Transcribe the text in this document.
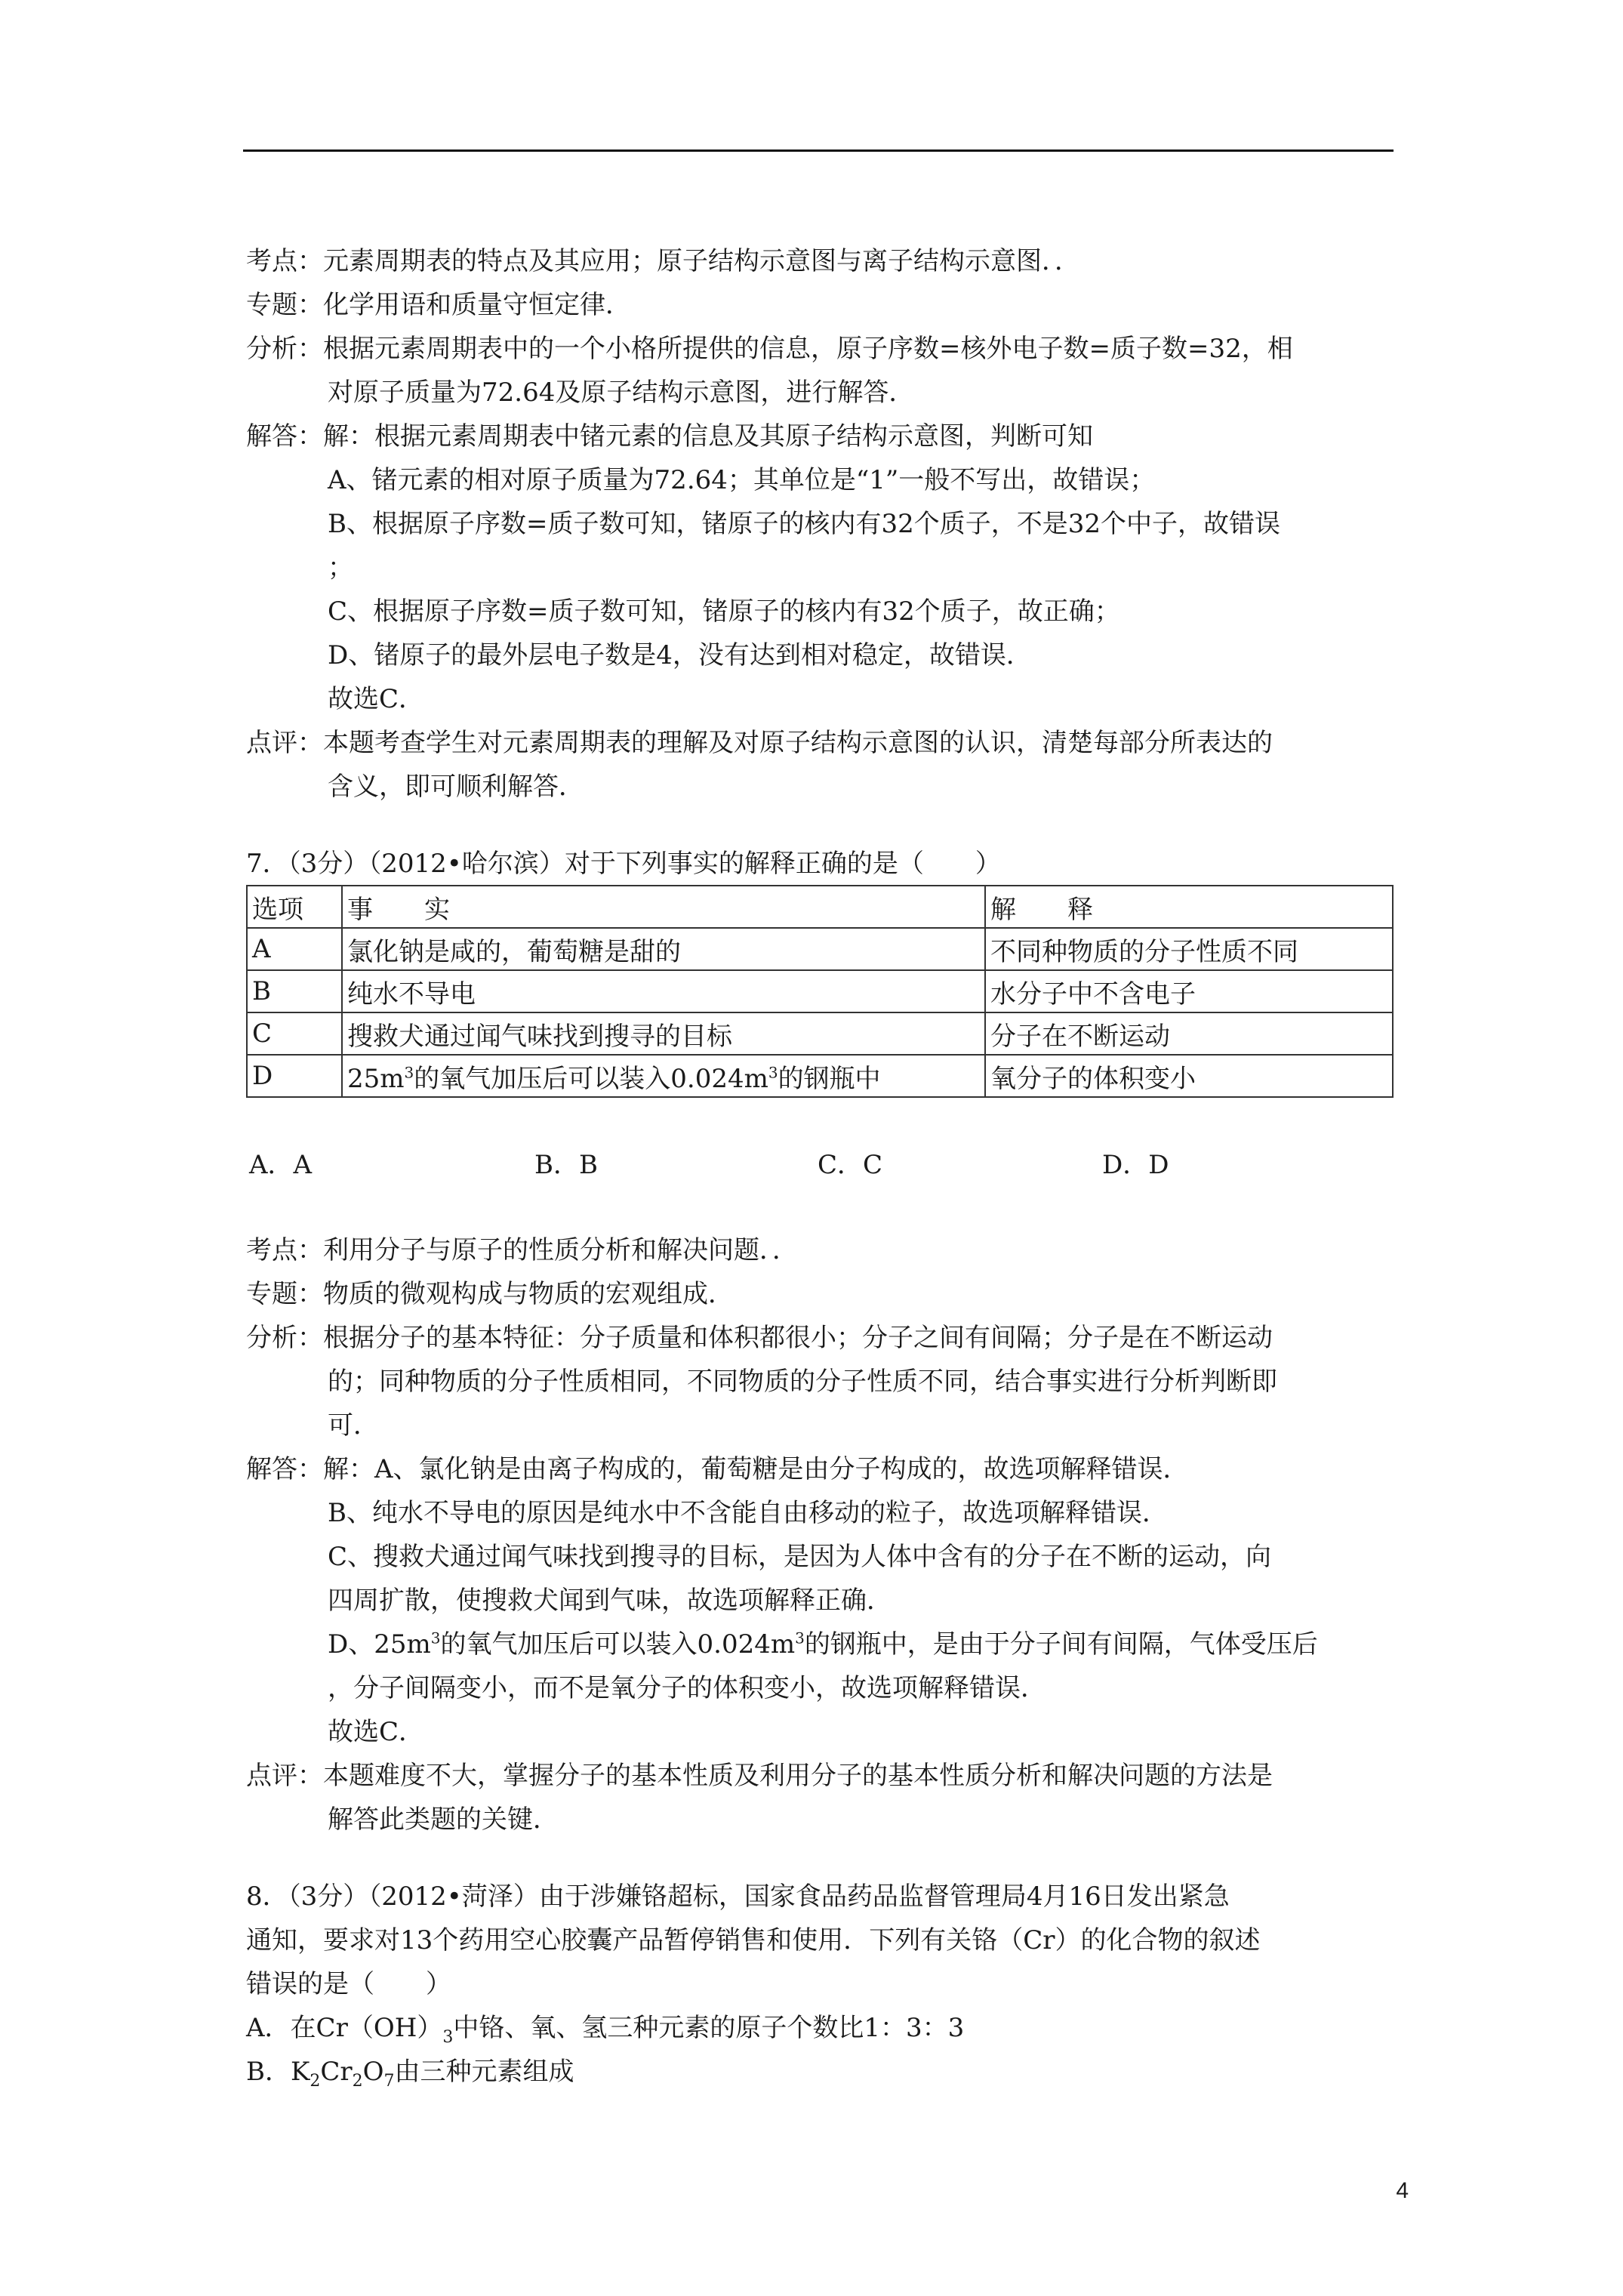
考点：元素周期表的特点及其应用；原子结构示意图与离子结构示意图．．
专题：化学用语和质量守恒定律．
分析：根据元素周期表中的一个小格所提供的信息，原子序数=核外电子数=质子数=32，相
对原子质量为72.64及原子结构示意图，进行解答．
解答：解：根据元素周期表中锗元素的信息及其原子结构示意图，判断可知
A、锗元素的相对原子质量为72.64；其单位是“1”一般不写出，故错误；
B、根据原子序数=质子数可知，锗原子的核内有32个质子，不是32个中子，故错误
；
C、根据原子序数=质子数可知，锗原子的核内有32个质子，故正确；
D、锗原子的最外层电子数是4，没有达到相对稳定，故错误．
故选C．
点评：本题考查学生对元素周期表的理解及对原子结构示意图的认识，清楚每部分所表达的
含义，即可顺利解答．
7．（3分）（2012•哈尔滨）对于下列事实的解释正确的是（　　）
选项	事　　实	解　　释
A	氯化钠是咸的，葡萄糖是甜的	不同种物质的分子性质不同
B	纯水不导电	水分子中不含电子
C	搜救犬通过闻气味找到搜寻的目标	分子在不断运动
D	$25m^3$的氧气加压后可以装入$0.024m^3$的钢瓶中	氧分子的体积变小
A．A	B．B	C．C	D．D
考点：利用分子与原子的性质分析和解决问题．．
专题：物质的微观构成与物质的宏观组成．
分析：根据分子的基本特征：分子质量和体积都很小；分子之间有间隔；分子是在不断运动
的；同种物质的分子性质相同，不同物质的分子性质不同，结合事实进行分析判断即
可．
解答：解：A、氯化钠是由离子构成的，葡萄糖是由分子构成的，故选项解释错误．
B、纯水不导电的原因是纯水中不含能自由移动的粒子，故选项解释错误．
C、搜救犬通过闻气味找到搜寻的目标，是因为人体中含有的分子在不断的运动，向
四周扩散，使搜救犬闻到气味，故选项解释正确．
D、$25m^3$的氧气加压后可以装入$0.024m^3$的钢瓶中，是由于分子间有间隔，气体受压后
，分子间隔变小，而不是氧分子的体积变小，故选项解释错误．
故选C．
点评：本题难度不大，掌握分子的基本性质及利用分子的基本性质分析和解决问题的方法是
解答此类题的关键．
8．（3分）（2012•菏泽）由于涉嫌铬超标，国家食品药品监督管理局4月16日发出紧急
通知，要求对13个药用空心胶囊产品暂停销售和使用．下列有关铬（Cr）的化合物的叙述
错误的是（　　）
A．在$Cr(OH)_3$中铬、氧、氢三种元素的原子个数比1：3：3
B．$K_2Cr_2O_7$由三种元素组成
4
